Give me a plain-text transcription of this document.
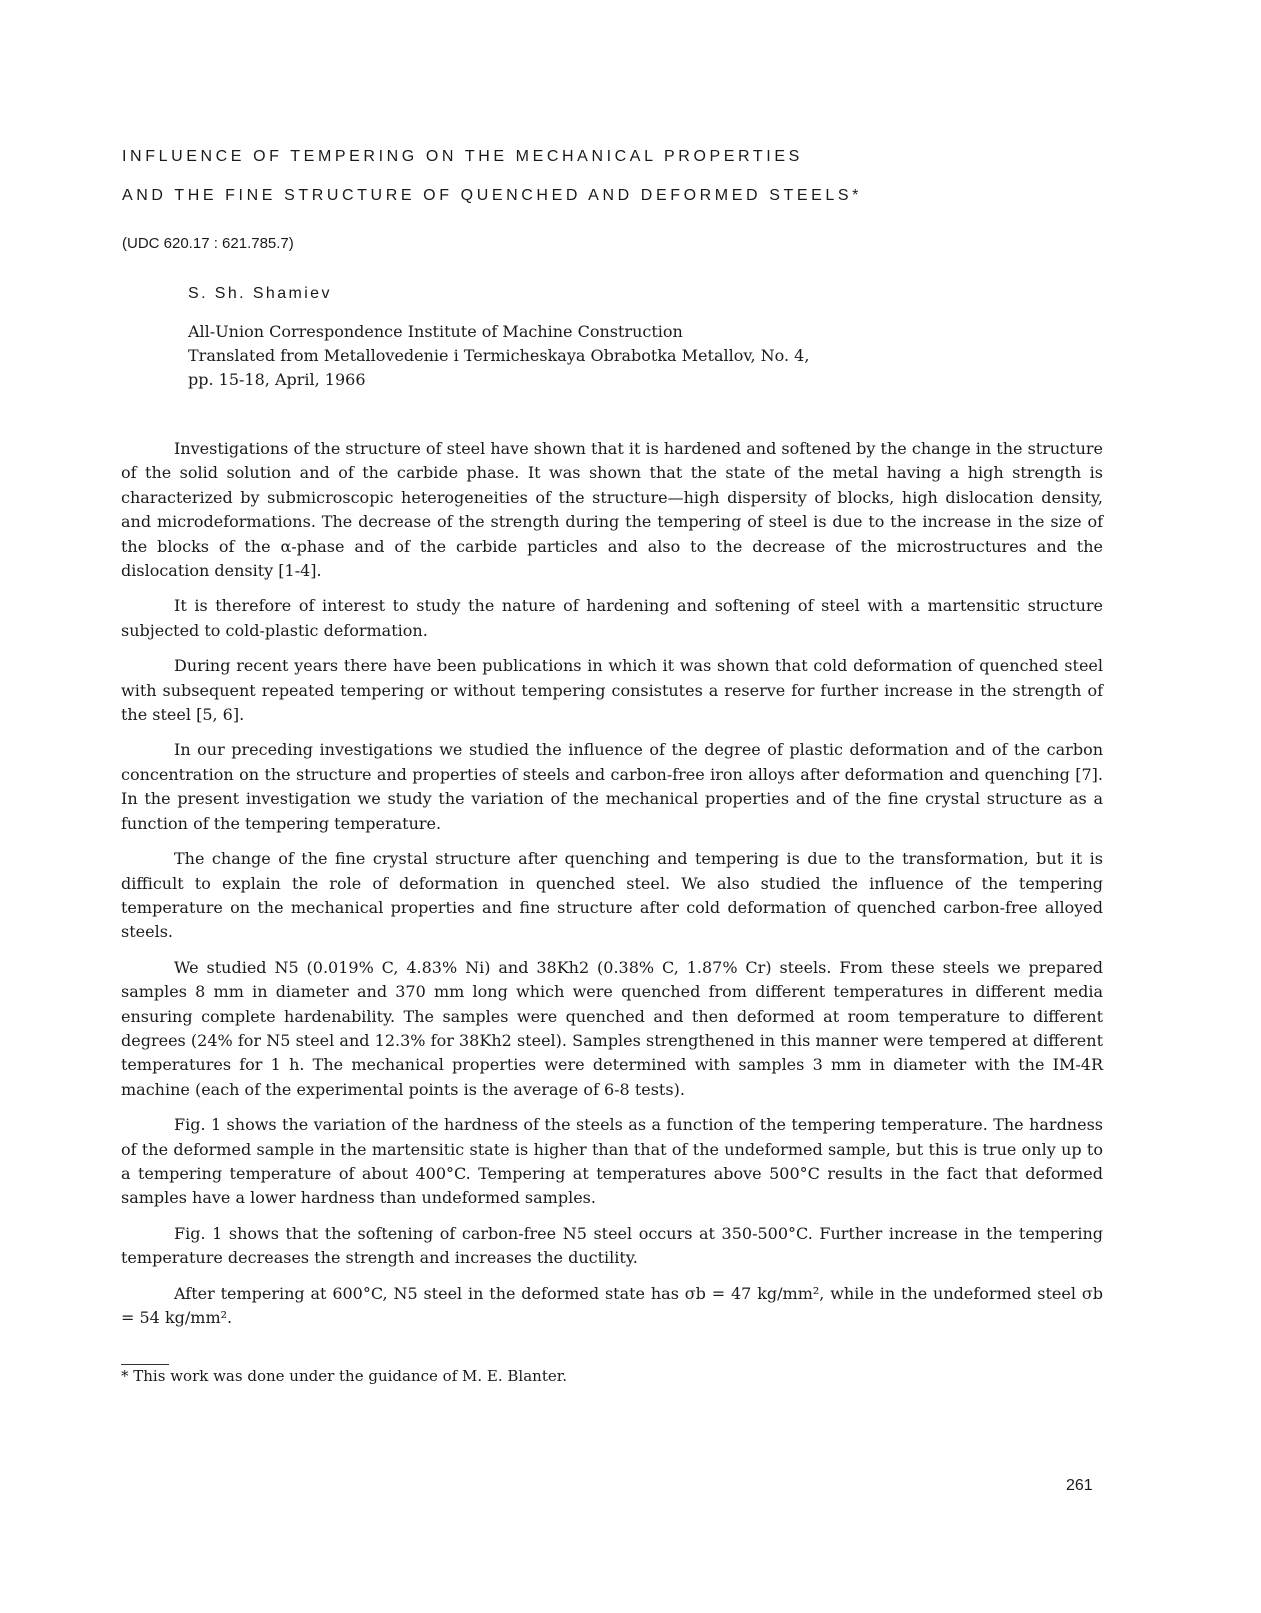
INFLUENCE OF TEMPERING ON THE MECHANICAL PROPERTIES
AND THE FINE STRUCTURE OF QUENCHED AND DEFORMED STEELS*
(UDC 620.17 : 621.785.7)
S. Sh. Shamiev
All-Union Correspondence Institute of Machine Construction
Translated from Metallovedenie i Termicheskaya Obrabotka Metallov, No. 4,
pp. 15-18, April, 1966

Investigations of the structure of steel have shown that it is hardened and softened by the change in the structure of the solid solution and of the carbide phase. It was shown that the state of the metal having a high strength is characterized by submicroscopic heterogeneities of the structure—high dispersity of blocks, high dislocation density, and microdeformations. The decrease of the strength during the tempering of steel is due to the increase in the size of the blocks of the α-phase and of the carbide particles and also to the decrease of the microstructures and the dislocation density [1-4].

It is therefore of interest to study the nature of hardening and softening of steel with a martensitic structure subjected to cold-plastic deformation.

During recent years there have been publications in which it was shown that cold deformation of quenched steel with subsequent repeated tempering or without tempering consistutes a reserve for further increase in the strength of the steel [5, 6].

In our preceding investigations we studied the influence of the degree of plastic deformation and of the carbon concentration on the structure and properties of steels and carbon-free iron alloys after deformation and quenching [7]. In the present investigation we study the variation of the mechanical properties and of the fine crystal structure as a function of the tempering temperature.

The change of the fine crystal structure after quenching and tempering is due to the transformation, but it is difficult to explain the role of deformation in quenched steel. We also studied the influence of the tempering temperature on the mechanical properties and fine structure after cold deformation of quenched carbon-free alloyed steels.

We studied N5 (0.019% C, 4.83% Ni) and 38Kh2 (0.38% C, 1.87% Cr) steels. From these steels we prepared samples 8 mm in diameter and 370 mm long which were quenched from different temperatures in different media ensuring complete hardenability. The samples were quenched and then deformed at room temperature to different degrees (24% for N5 steel and 12.3% for 38Kh2 steel). Samples strengthened in this manner were tempered at different temperatures for 1 h. The mechanical properties were determined with samples 3 mm in diameter with the IM-4R machine (each of the experimental points is the average of 6-8 tests).

Fig. 1 shows the variation of the hardness of the steels as a function of the tempering temperature. The hardness of the deformed sample in the martensitic state is higher than that of the undeformed sample, but this is true only up to a tempering temperature of about 400°C. Tempering at temperatures above 500°C results in the fact that deformed samples have a lower hardness than undeformed samples.

Fig. 1 shows that the softening of carbon-free N5 steel occurs at 350-500°C. Further increase in the tempering temperature decreases the strength and increases the ductility.

After tempering at 600°C, N5 steel in the deformed state has σb = 47 kg/mm², while in the undeformed steel σb = 54 kg/mm².

* This work was done under the guidance of M. E. Blanter.
261
